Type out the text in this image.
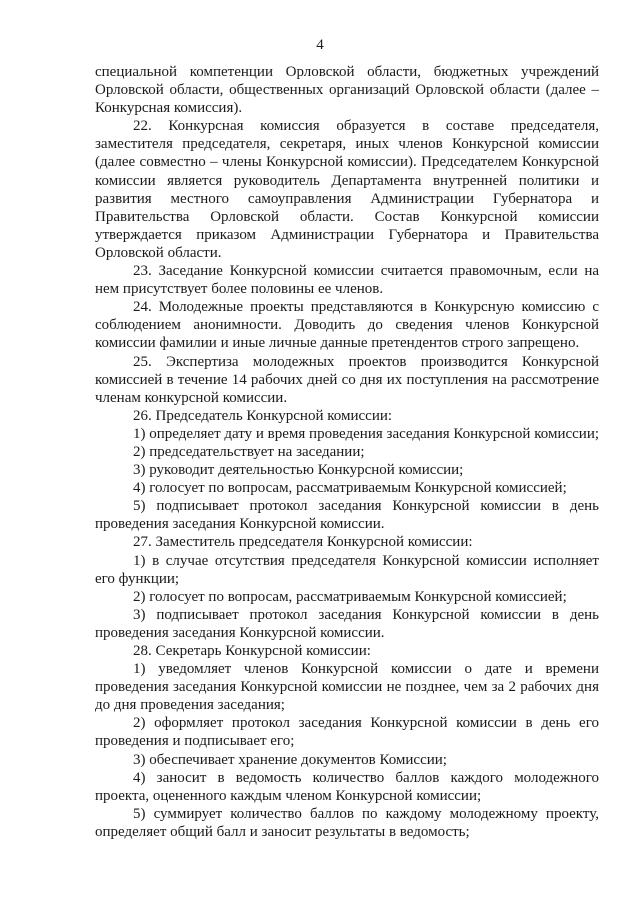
4

специальной компетенции Орловской области, бюджетных учреждений Орловской области, общественных организаций Орловской области (далее – Конкурсная комиссия).

22. Конкурсная комиссия образуется в составе председателя, заместителя председателя, секретаря, иных членов Конкурсной комиссии (далее совместно – члены Конкурсной комиссии). Председателем Конкурсной комиссии является руководитель Департамента внутренней политики и развития местного самоуправления Администрации Губернатора и Правительства Орловской области. Состав Конкурсной комиссии утверждается приказом Администрации Губернатора и Правительства Орловской области.

23. Заседание Конкурсной комиссии считается правомочным, если на нем присутствует более половины ее членов.

24. Молодежные проекты представляются в Конкурсную комиссию с соблюдением анонимности. Доводить до сведения членов Конкурсной комиссии фамилии и иные личные данные претендентов строго запрещено.

25. Экспертиза молодежных проектов производится Конкурсной комиссией в течение 14 рабочих дней со дня их поступления на рассмотрение членам конкурсной комиссии.

26. Председатель Конкурсной комиссии:

1) определяет дату и время проведения заседания Конкурсной комиссии;

2) председательствует на заседании;

3) руководит деятельностью Конкурсной комиссии;

4) голосует по вопросам, рассматриваемым Конкурсной комиссией;

5) подписывает протокол заседания Конкурсной комиссии в день проведения заседания Конкурсной комиссии.

27. Заместитель председателя Конкурсной комиссии:

1) в случае отсутствия председателя Конкурсной комиссии исполняет его функции;

2) голосует по вопросам, рассматриваемым Конкурсной комиссией;

3) подписывает протокол заседания Конкурсной комиссии в день проведения заседания Конкурсной комиссии.

28. Секретарь Конкурсной комиссии:

1) уведомляет членов Конкурсной комиссии о дате и времени проведения заседания Конкурсной комиссии не позднее, чем за 2 рабочих дня до дня проведения заседания;

2) оформляет протокол заседания Конкурсной комиссии в день его проведения и подписывает его;

3) обеспечивает хранение документов Комиссии;

4) заносит в ведомость количество баллов каждого молодежного проекта, оцененного каждым членом Конкурсной комиссии;

5) суммирует количество баллов по каждому молодежному проекту, определяет общий балл и заносит результаты в ведомость;
